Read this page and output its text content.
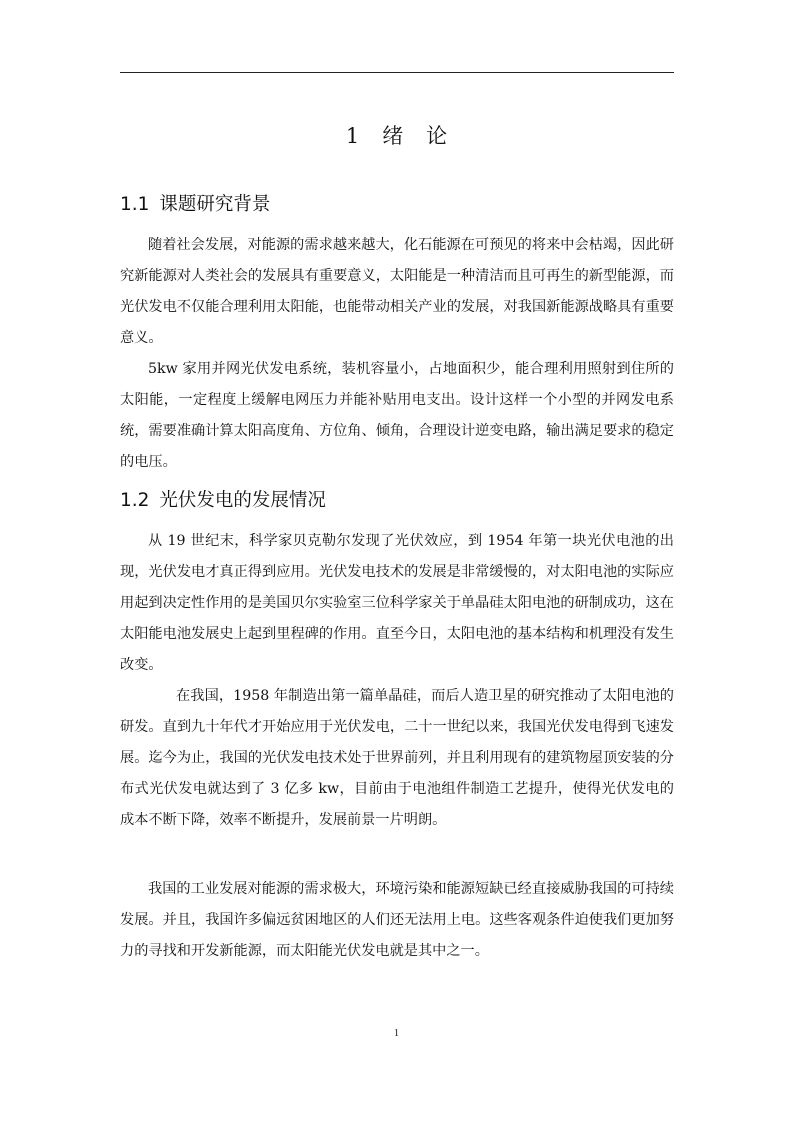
1 绪　论
1.1 课题研究背景

随着社会发展，对能源的需求越来越大，化石能源在可预见的将来中会枯竭，因此研究新能源对人类社会的发展具有重要意义，太阳能是一种清洁而且可再生的新型能源，而光伏发电不仅能合理利用太阳能，也能带动相关产业的发展，对我国新能源战略具有重要意义。

5kw 家用并网光伏发电系统，装机容量小，占地面积少，能合理利用照射到住所的太阳能，一定程度上缓解电网压力并能补贴用电支出。设计这样一个小型的并网发电系统，需要准确计算太阳高度角、方位角、倾角，合理设计逆变电路，输出满足要求的稳定的电压。

1.2 光伏发电的发展情况

从 19 世纪末，科学家贝克勒尔发现了光伏效应，到 1954 年第一块光伏电池的出现，光伏发电才真正得到应用。光伏发电技术的发展是非常缓慢的，对太阳电池的实际应用起到决定性作用的是美国贝尔实验室三位科学家关于单晶硅太阳电池的研制成功，这在太阳能电池发展史上起到里程碑的作用。直至今日，太阳电池的基本结构和机理没有发生改变。

在我国，1958 年制造出第一篇单晶硅，而后人造卫星的研究推动了太阳电池的研发。直到九十年代才开始应用于光伏发电，二十一世纪以来，我国光伏发电得到飞速发展。迄今为止，我国的光伏发电技术处于世界前列，并且利用现有的建筑物屋顶安装的分布式光伏发电就达到了 3 亿多 kw，目前由于电池组件制造工艺提升，使得光伏发电的成本不断下降，效率不断提升，发展前景一片明朗。

我国的工业发展对能源的需求极大，环境污染和能源短缺已经直接威胁我国的可持续发展。并且，我国许多偏远贫困地区的人们还无法用上电。这些客观条件迫使我们更加努力的寻找和开发新能源，而太阳能光伏发电就是其中之一。

1
